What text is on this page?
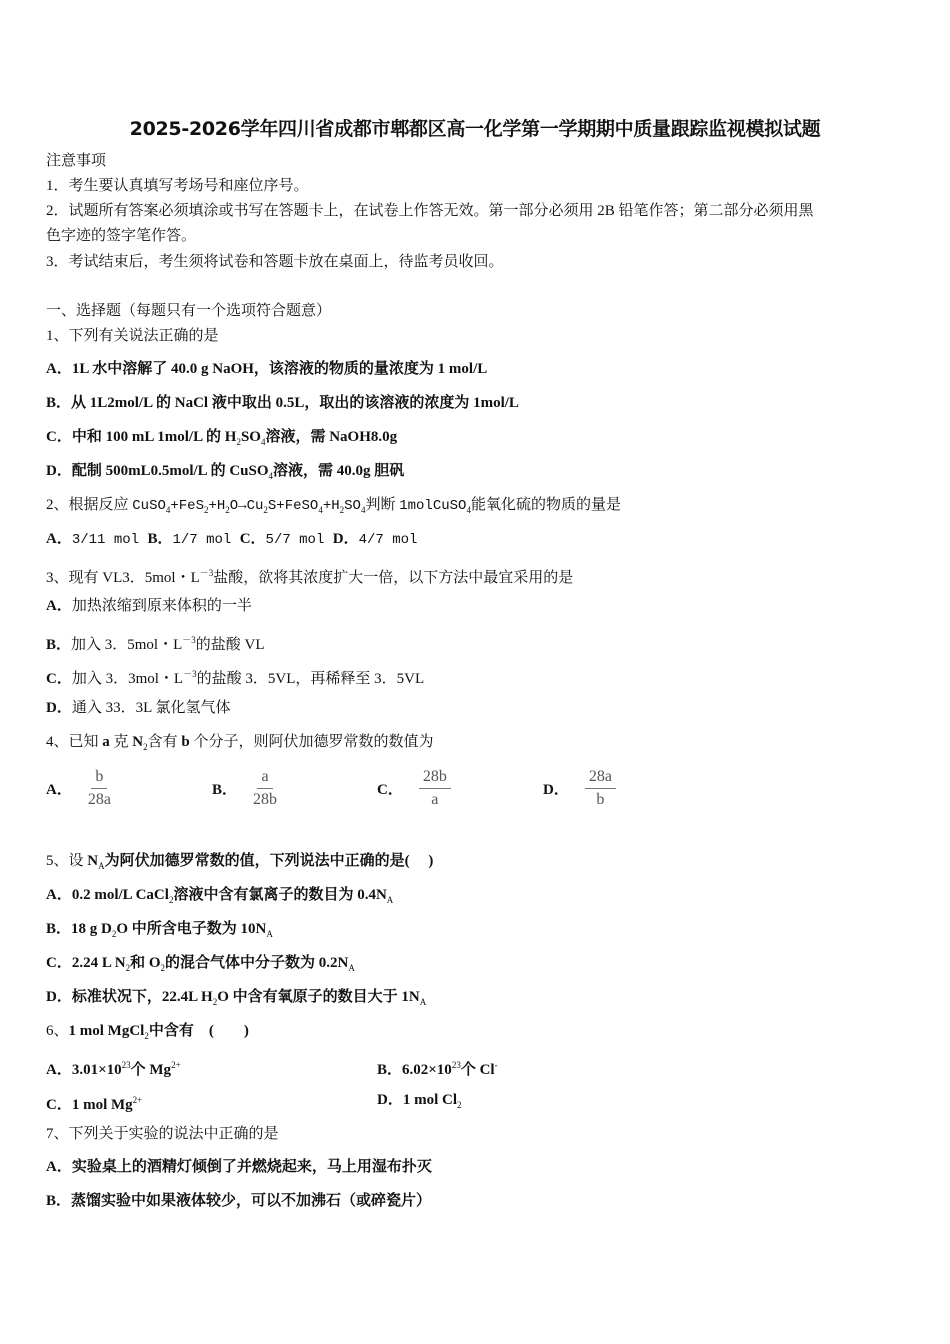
2025-2026学年四川省成都市郫都区高一化学第一学期期中质量跟踪监视模拟试题
注意事项
1．考生要认真填写考场号和座位序号。
2．试题所有答案必须填涂或书写在答题卡上，在试卷上作答无效。第一部分必须用 2B 铅笔作答；第二部分必须用黑
色字迹的签字笔作答。
3．考试结束后，考生须将试卷和答题卡放在桌面上，待监考员收回。
一、选择题（每题只有一个选项符合题意）
1、下列有关说法正确的是
A．1L 水中溶解了 40.0 g NaOH，该溶液的物质的量浓度为 1 mol/L
B．从 1L2mol/L 的 NaCl 液中取出 0.5L，取出的该溶液的浓度为 1mol/L
C．中和 100 mL 1mol/L 的 $H_2SO_4$溶液，需 NaOH8.0g
D．配制 500mL0.5mol/L 的 CuSO$_4$溶液，需 40.0g 胆矾
2、根据反应 $CuSO_4+FeS_2+H_2O\to Cu_2S+FeSO_4+H_2SO_4$判断 1molCuSO$_4$能氧化硫的物质的量是
A．3/11 mol B．1/7 mol C．5/7 mol D．4/7 mol
3、现有 VL3．5mol・$L^{-3}$盐酸，欲将其浓度扩大一倍，以下方法中最宜采用的是
A．加热浓缩到原来体积的一半
B．加入 3．5mol・$L^{-3}$的盐酸 VL
C．加入 3．3mol・$L^{-3}$的盐酸 3．5VL，再稀释至 3．5VL
D．通入 33．3L 氯化氢气体
4、已知 a 克 $N_2$含有 b 个分子，则阿伏加德罗常数的数值为
5、设 $N_A$为阿伏加德罗常数的值，下列说法中正确的是(　 )
A．0.2 mol/L CaCl$_2$溶液中含有氯离子的数目为 $0.4N_A$
B．18 g $D_2O$ 中所含电子数为 $10N_A$
C．2.24 L $N_2$和 $O_2$的混合气体中分子数为 $0.2N_A$
D．标准状况下，22.4L $H_2O$ 中含有氧原子的数目大于 $1N_A$
6、1 mol MgCl$_2$中含有　(　　)
A．$3.01\times 10^{23}$个 $Mg^{2+}$	B．$6.02\times 10^{23}$个 Cl-
C．1 mol $Mg^{2+}$	D．1 mol $Cl_2$
7、下列关于实验的说法中正确的是
A．实验桌上的酒精灯倾倒了并燃烧起来，马上用湿布扑灭
B．蒸馏实验中如果液体较少，可以不加沸石（或碎瓷片）
A． $\frac{b}{28a}$	B． $\frac{a}{28b}$	C． $\frac{28b}{a}$	D． $\frac{28a}{b}$
